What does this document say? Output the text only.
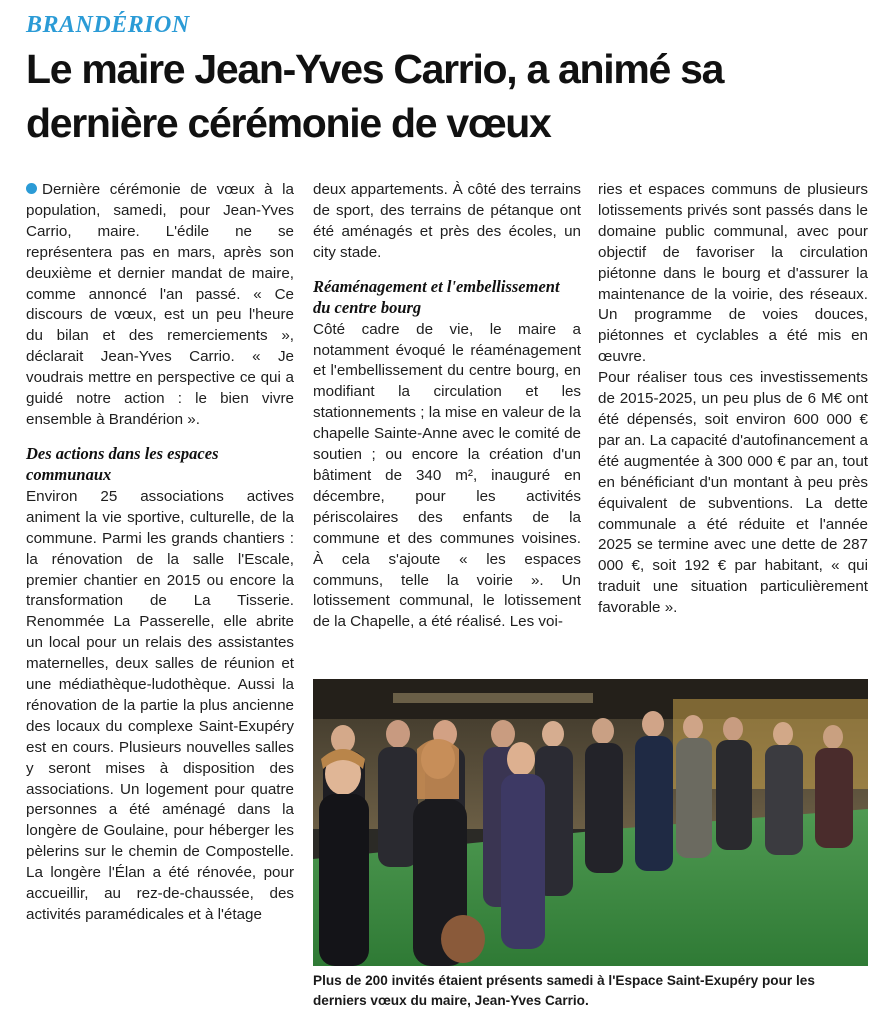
BRANDÉRION
Le maire Jean-Yves Carrio, a animé sa dernière cérémonie de vœux

Dernière cérémonie de vœux à la population, samedi, pour Jean-Yves Carrio, maire. L'édile ne se représentera pas en mars, après son deuxième et dernier mandat de maire, comme annoncé l'an passé. « Ce discours de vœux, est un peu l'heure du bilan et des remerciements », déclarait Jean-Yves Carrio. « Je voudrais mettre en perspective ce qui a guidé notre action : le bien vivre ensemble à Brandérion ».

Des actions dans les espaces communaux

Environ 25 associations actives animent la vie sportive, culturelle, de la commune. Parmi les grands chantiers : la rénovation de la salle l'Escale, premier chantier en 2015 ou encore la transformation de La Tisserie. Renommée La Passerelle, elle abrite un local pour un relais des assistantes maternelles, deux salles de réunion et une médiathèque-ludothèque. Aussi la rénovation de la partie la plus ancienne des locaux du complexe Saint-Exupéry est en cours. Plusieurs nouvelles salles y seront mises à disposition des associations. Un logement pour quatre personnes a été aménagé dans la longère de Goulaine, pour héberger les pèlerins sur le chemin de Compostelle. La longère l'Élan a été rénovée, pour accueillir, au rez-de-chaussée, des activités paramédicales et à l'étage

deux appartements. À côté des terrains de sport, des terrains de pétanque ont été aménagés et près des écoles, un city stade.

Réaménagement et l'embellissement du centre bourg

Côté cadre de vie, le maire a notamment évoqué le réaménagement et l'embellissement du centre bourg, en modifiant la circulation et les stationnements ; la mise en valeur de la chapelle Sainte-Anne avec le comité de soutien ; ou encore la création d'un bâtiment de 340 m², inauguré en décembre, pour les activités périscolaires des enfants de la commune et des communes voisines. À cela s'ajoute « les espaces communs, telle la voirie ». Un lotissement communal, le lotissement de la Chapelle, a été réalisé. Les voi-

ries et espaces communs de plusieurs lotissements privés sont passés dans le domaine public communal, avec pour objectif de favoriser la circulation piétonne dans le bourg et d'assurer la maintenance de la voirie, des réseaux. Un programme de voies douces, piétonnes et cyclables a été mis en œuvre.

Pour réaliser tous ces investissements de 2015-2025, un peu plus de 6 M€ ont été dépensés, soit environ 600 000 € par an. La capacité d'autofinancement a été augmentée à 300 000 € par an, tout en bénéficiant d'un montant à peu près équivalent de subventions. La dette communale a été réduite et l'année 2025 se termine avec une dette de 287 000 €, soit 192 € par habitant, « qui traduit une situation particulièrement favorable ».

Plus de 200 invités étaient présents samedi à l'Espace Saint-Exupéry pour les derniers vœux du maire, Jean-Yves Carrio.
